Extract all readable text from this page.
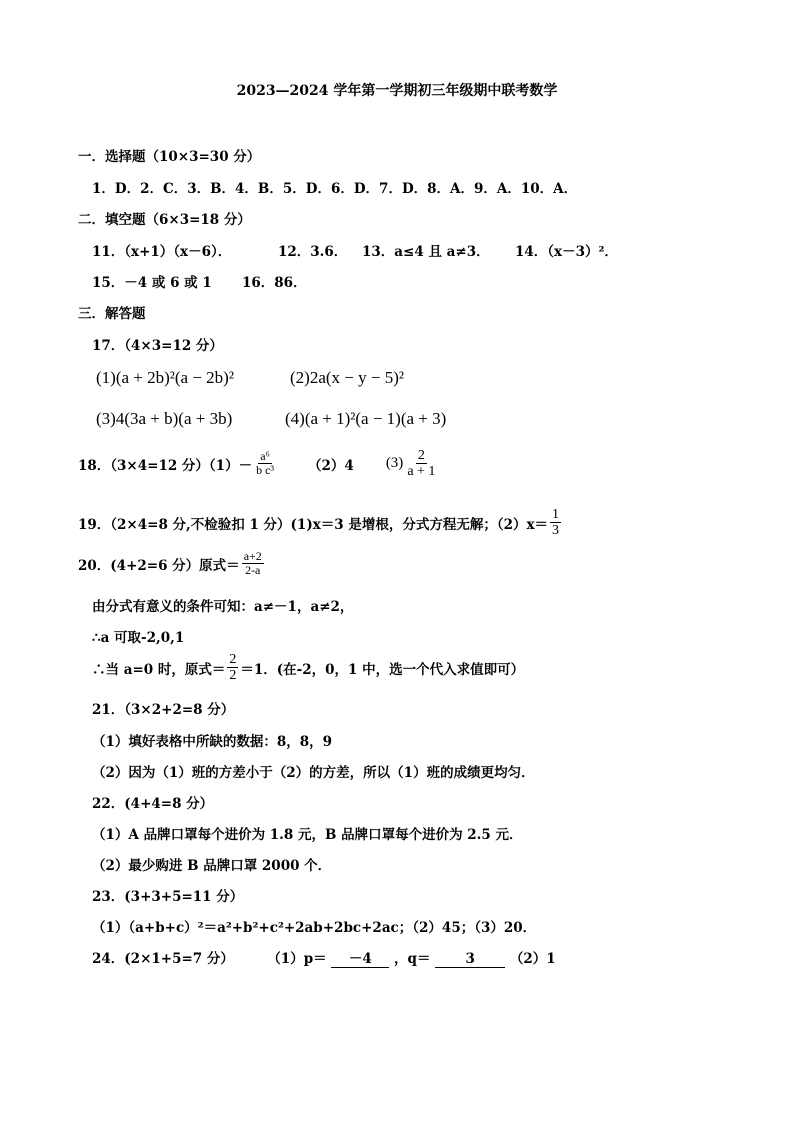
2023—2024 学年第一学期初三年级期中联考数学
一．选择题（10×3=30 分）
1．D．2．C．3．B．4．B．5．D．6．D．7．D．8．A．9．A．10．A．
二．填空题（6×3=18 分）
11．（x+1）（x－6）．	12．3.6． 13．a≤4 且 a≠3． 14．（x－3）²．
15．－4 或 6 或 1 16．86．
三．解答题
17．（4×3=12 分）
(1)(a + 2b)²(a − 2b)²	(2)2a(x − y − 5)²
(3)4(3a + b)(a + 3b)	(4)(a + 1)²(a − 1)(a + 3)
18．（3×4=12 分）$(1)- \frac{\text{a⁶}}{\text{b c³}} (2)4$ $(3) \frac{2}{a + 1}$
19．（2×4=8 分,不检验扣 1 分）(1)x＝3 是增根，分式方程无解；$(2)x= \frac{1}{3}$
20．(4+2=6 分）原式＝ $\frac{a+2}{2-a}$
由分式有意义的条件可知：a≠－1，a≠2，
∴a 可取-2,0,1
∴当 a=0 时，原式＝ $\frac{2}{2} =1$．(在-2，0，1 中，选一个代入求值即可）
21．（3×2+2=8 分）
（1）填好表格中所缺的数据：8，8，9
（2）因为（1）班的方差小于（2）的方差，所以（1）班的成绩更均匀．
22．(4+4=8 分）
（1）A 品牌口罩每个进价为 1.8 元，B 品牌口罩每个进价为 2.5 元．
（2）最少购进 B 品牌口罩 2000 个．
23．(3+3+5=11 分）
（1）（a+b+c）²＝a²+b²+c²+2ab+2bc+2ac；（2）45；（3）20．
24．(2×1+5=7 分） （1）p＝ －4 ，q＝	3	（2）1
